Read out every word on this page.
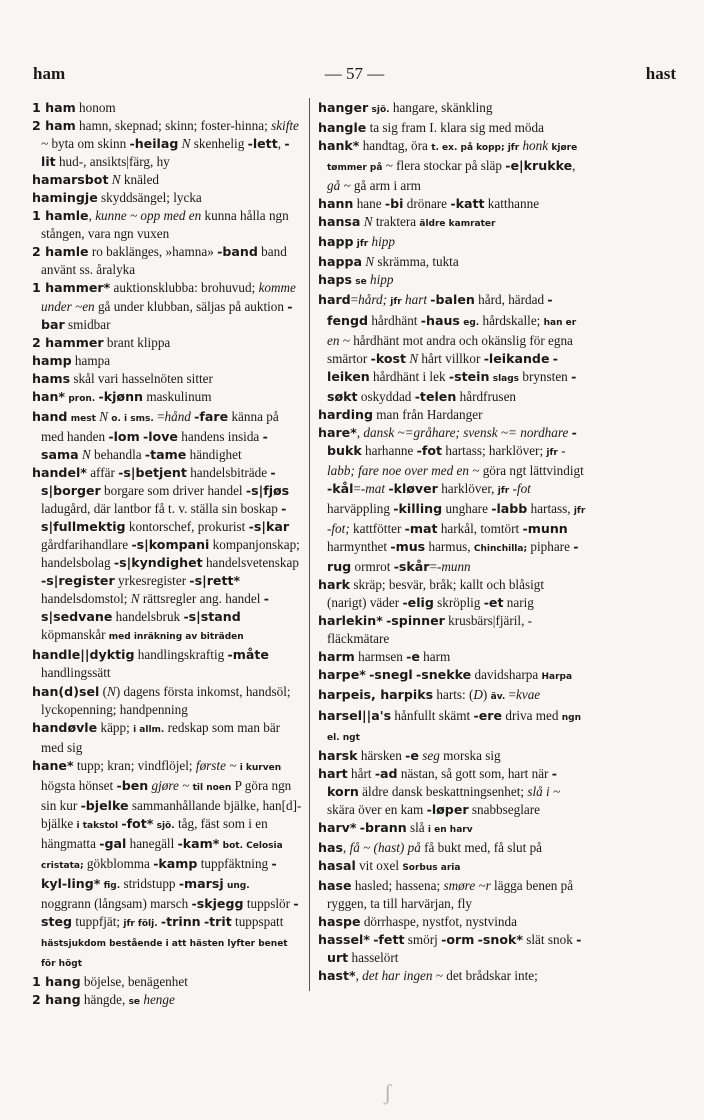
ham	— 57 —	hast

1 ham honom

2 ham hamn, skepnad; skinn; foster-hinna; skifte ~ byta om skinn -heilag N skenhelig -lett, -lit hud-, ansikts|färg, hy

hamarsbot N knäled

hamingje skyddsängel; lycka

1 hamle, kunne ~ opp med en kunna hålla ngn stången, vara ngn vuxen

2 hamle ro baklänges, »hamna» -band band använt ss. åralyka

1 hammer* auktionsklubba: brohuvud; komme under ~en gå under klubban, säljas på auktion -bar smidbar

2 hammer brant klippa

hamp hampa

hams skål vari hasselnöten sitter

han* pron. -kjønn maskulinum

hand mest N o. i sms. =hånd -fare känna på med handen -lom -love handens insida -sama N behandla -tame händighet

handel* affär -s|betjent handelsbiträde -s|borger borgare som driver handel -s|fjøs ladugård, där lantbor få t. v. ställa sin boskap -s|fullmektig kontorschef, prokurist -s|kar gårdfarihandlare -s|kompani kompanjonskap; handelsbolag -s|kyndighet handelsvetenskap -s|register yrkesregister -s|rett* handelsdomstol; N rättsregler ang. handel -s|sedvane handelsbruk -s|stand köpmanskår med inräkning av biträden

handle||dyktig handlingskraftig -måte handlingssätt

han(d)sel (N) dagens första inkomst, handsöl; lyckopenning; handpenning

handøvle käpp; i allm. redskap som man bär med sig

hane* tupp; kran; vindflöjel; første ~ i kurven högsta hönset -ben gjøre ~ til noen P göra ngn sin kur -bjelke sammanhållande bjälke, han[d]-bjälke i takstol -fot* sjö. tåg, fäst som i en hängmatta -gal hanegäll -kam* bot. Celosia cristata; gökblomma -kamp tuppfäktning -kyl-ling* fig. stridstupp -marsj ung. noggrann (långsam) marsch -skjegg tuppslör -steg tuppfjät; jfr följ. -trinn -trit tuppspatt hästsjukdom bestående i att hästen lyfter benet för högt

1 hang böjelse, benägenhet

2 hang hängde, se henge

hanger sjö. hangare, skänkling

hangle ta sig fram I. klara sig med möda

hank* handtag, öra t. ex. på kopp; jfr honk kjøre tømmer på ~ flera stockar på släp -e|krukke, gå ~ gå arm i arm

hann hane -bi drönare -katt katthanne

hansa N traktera äldre kamrater

happ jfr hipp

happa N skrämma, tukta

haps se hipp

hard=hård; jfr hart -balen hård, härdad -fengd hårdhänt -haus eg. hårdskalle; han er en ~ hårdhänt mot andra och okänslig för egna smärtor -kost N hårt villkor -leikande -leiken hårdhänt i lek -stein slags brynsten -søkt oskyddad -telen hårdfrusen

harding man från Hardanger

hare*, dansk ~=gråhare; svensk ~= nordhare -bukk harhanne -fot hartass; harklöver; jfr -labb; fare noe over med en ~ göra ngt lättvindigt -kål=-mat -kløver harklöver, jfr -fot harväppling -killing unghare -labb hartass, jfr -fot; kattfötter -mat harkål, tomtört -munn harmynthet -mus harmus, Chinchilla; piphare -rug ormrot -skår=-munn

hark skräp; besvär, bråk; kallt och blåsigt (narigt) väder -elig skröplig -et narig

harlekin* -spinner krusbärs|fjäril, -fläckmätare

harm harmsen -e harm

harpe* -snegl -snekke davidsharpa Harpa

harpeis, harpiks harts: (D) äv. =kvae

harsel||a's hånfullt skämt -ere driva med ngn el. ngt

harsk härsken -e seg morska sig

hart hårt -ad nästan, så gott som, hart när -korn äldre dansk beskattningsenhet; slå i ~ skära över en kam -løper snabbseglare

harv* -brann slå i en harv

has, få ~ (hast) på få bukt med, få slut på

hasal vit oxel Sorbus aria

hase hasled; hassena; smøre ~r lägga benen på ryggen, ta till harvärjan, fly

haspe dörrhaspe, nystfot, nystvinda

hassel* -fett smörj -orm -snok* slät snok -urt hasselört

hast*, det har ingen ~ det brådskar inte;

ʃ
